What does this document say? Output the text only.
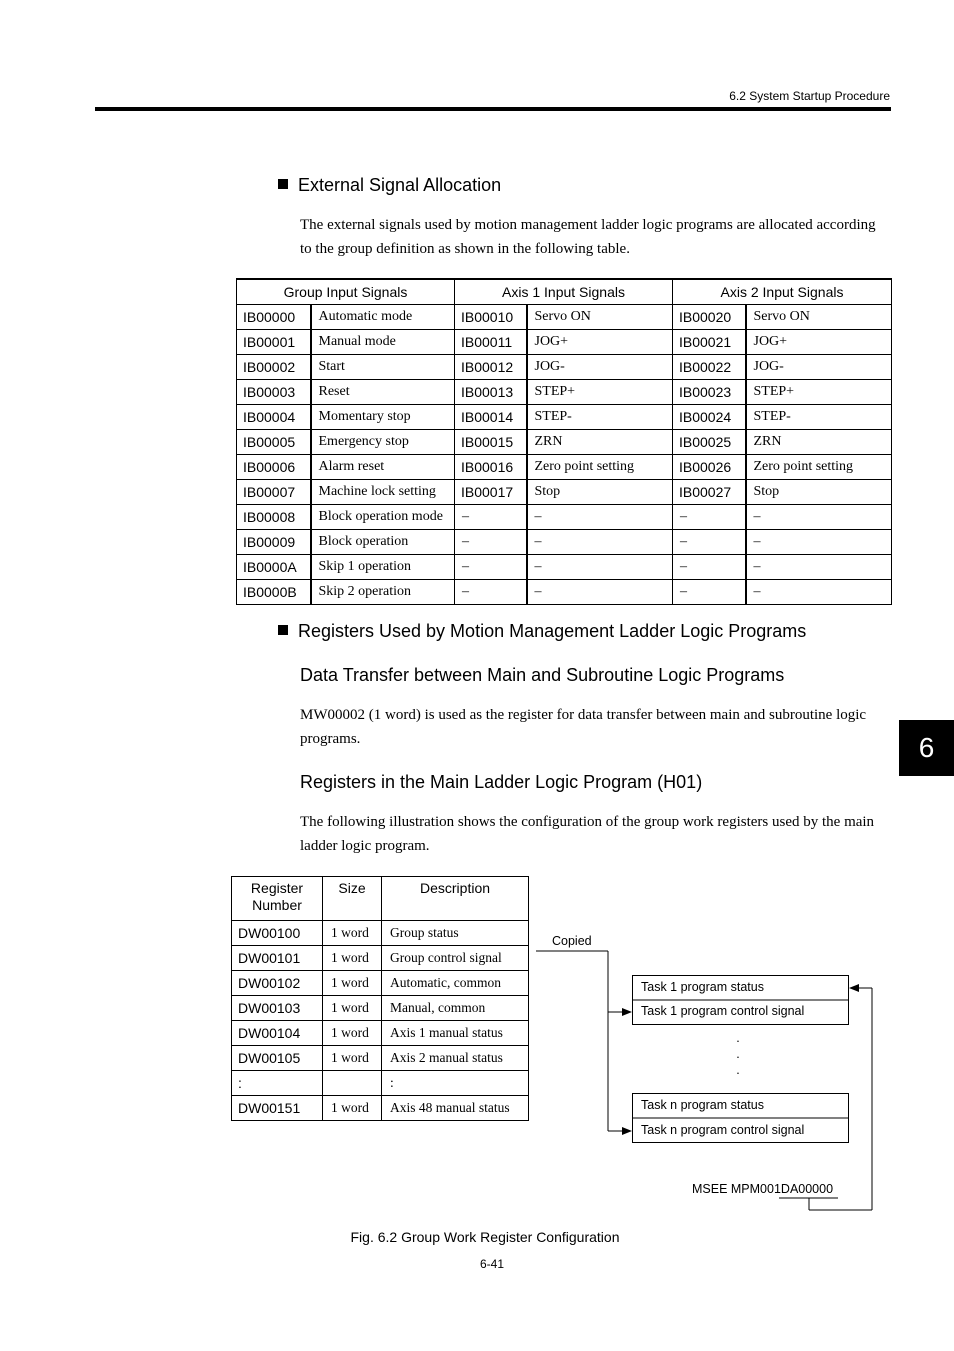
6.2 System Startup Procedure
External Signal Allocation
The external signals used by motion management ladder logic programs are allocated according to the group definition as shown in the following table.
Group Input Signals		Axis 1 Input Signals		Axis 2 Input Signals	
IB00000	Automatic mode	IB00010	Servo ON	IB00020	Servo ON
IB00001	Manual mode	IB00011	JOG+	IB00021	JOG+
IB00002	Start	IB00012	JOG-	IB00022	JOG-
IB00003	Reset	IB00013	STEP+	IB00023	STEP+
IB00004	Momentary stop	IB00014	STEP-	IB00024	STEP-
IB00005	Emergency stop	IB00015	ZRN	IB00025	ZRN
IB00006	Alarm reset	IB00016	Zero point setting	IB00026	Zero point setting
IB00007	Machine lock setting	IB00017	Stop	IB00027	Stop
IB00008	Block operation mode	–	–	–	–
IB00009	Block operation	–	–	–	–
IB0000A	Skip 1 operation	–	–	–	–
IB0000B	Skip 2 operation	–	–	–	–
Registers Used by Motion Management Ladder Logic Programs
Data Transfer between Main and Subroutine Logic Programs
MW00002 (1 word) is used as the register for data transfer between main and subroutine logic programs.
Registers in the Main Ladder Logic Program (H01)
The following illustration shows the configuration of the group work registers used by the main ladder logic program.
Register Number	Size	Description
DW00100	1 word	Group status
DW00101	1 word	Group control signal
DW00102	1 word	Automatic, common
DW00103	1 word	Manual, common
DW00104	1 word	Axis 1 manual status
DW00105	1 word	Axis 2 manual status
:		:
DW00151	1 word	Axis 48 manual status
Copied
Task 1 program status
Task 1 program control signal
.
.
.
Task n program status
Task n program control signal
MSEE MPM001DA00000
Fig. 6.2 Group Work Register Configuration
6-41
6
